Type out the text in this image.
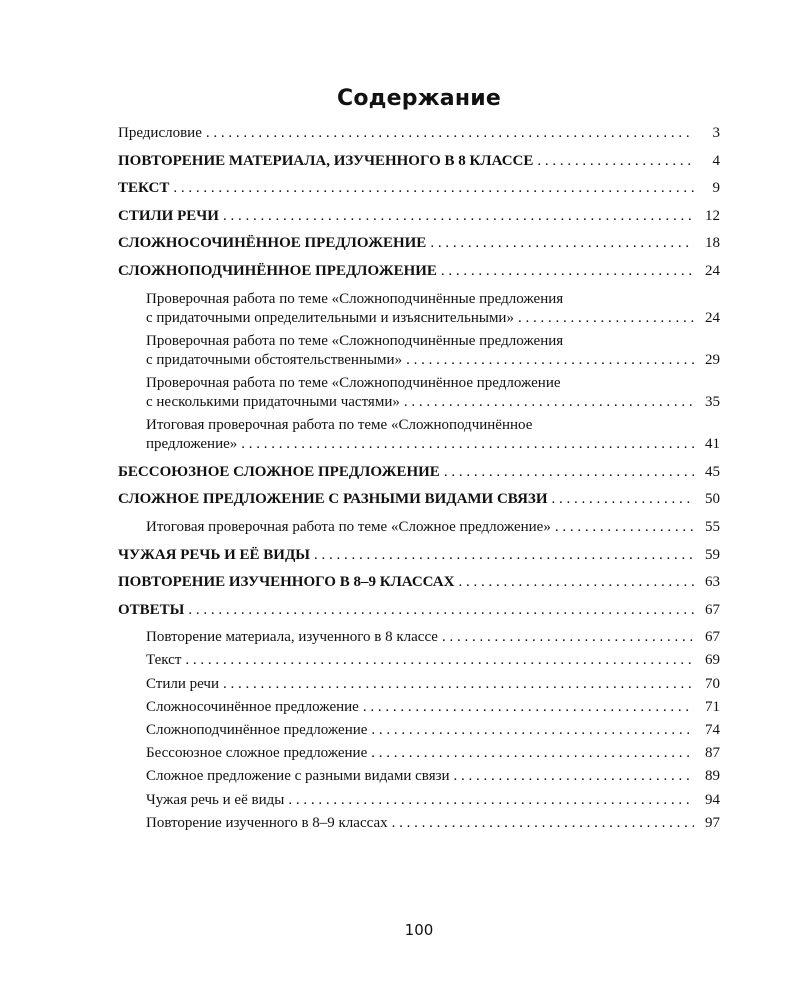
Содержание
Предисловие . . .	3
ПОВТОРЕНИЕ МАТЕРИАЛА, ИЗУЧЕННОГО В 8 КЛАССЕ . . .	4
ТЕКСТ . . .	9
СТИЛИ РЕЧИ . . .	12
СЛОЖНОСОЧИНЁННОЕ ПРЕДЛОЖЕНИЕ . . .	18
СЛОЖНОПОДЧИНЁННОЕ ПРЕДЛОЖЕНИЕ . . .	24
Проверочная работа по теме «Сложноподчинённые предложения
с придаточными определительными и изъяснительными» . . .	24
Проверочная работа по теме «Сложноподчинённые предложения
с придаточными обстоятельственными» . . .	29
Проверочная работа по теме «Сложноподчинённое предложение
с несколькими придаточными частями» . . .	35
Итоговая проверочная работа по теме «Сложноподчинённое
предложение» . . .	41
БЕССОЮЗНОЕ СЛОЖНОЕ ПРЕДЛОЖЕНИЕ . . .	45
СЛОЖНОЕ ПРЕДЛОЖЕНИЕ С РАЗНЫМИ ВИДАМИ СВЯЗИ . . .	50
Итоговая проверочная работа по теме «Сложное предложение» . . .	55
ЧУЖАЯ РЕЧЬ И ЕЁ ВИДЫ . . .	59
ПОВТОРЕНИЕ ИЗУЧЕННОГО В 8–9 КЛАССАХ . . .	63
ОТВЕТЫ . . .	67
Повторение материала, изученного в 8 классе . . .	67
Текст . . .	69
Стили речи . . .	70
Сложносочинённое предложение . . .	71
Сложноподчинённое предложение . . .	74
Бессоюзное сложное предложение . . .	87
Сложное предложение с разными видами связи . . .	89
Чужая речь и её виды . . .	94
Повторение изученного в 8–9 классах . . .	97
100
